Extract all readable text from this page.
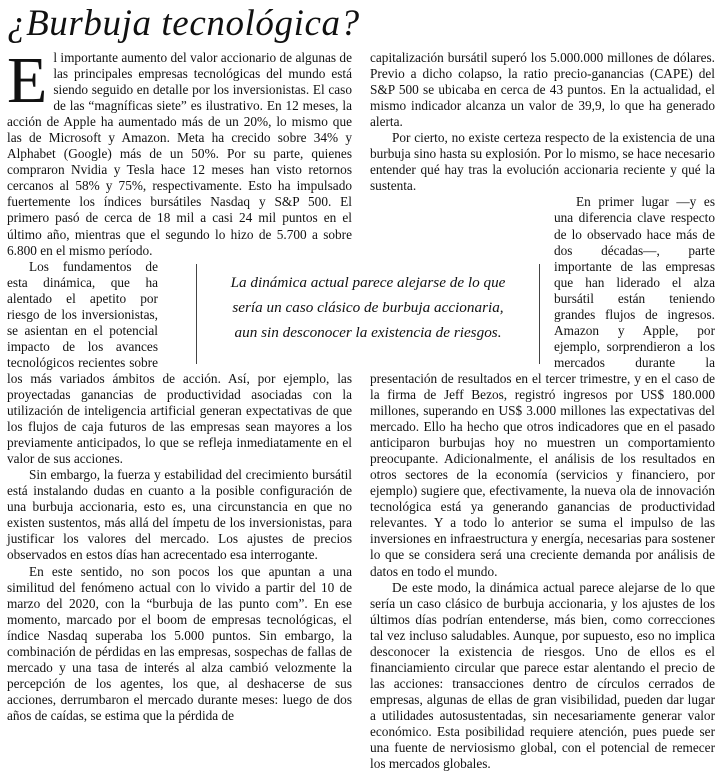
¿Burbuja tecnológica?

El importante aumento del valor accionario de algunas de las principales empresas tecnológicas del mundo está siendo seguido en detalle por los inversionistas. El caso de las “magníficas siete” es ilustrativo. En 12 meses, la acción de Apple ha aumentado más de un 20%, lo mismo que las de Microsoft y Amazon. Meta ha crecido sobre 34% y Alphabet (Google) más de un 50%. Por su parte, quienes compraron Nvidia y Tesla hace 12 meses han visto retornos cercanos al 58% y 75%, respectivamente. Esto ha impulsado fuertemente los índices bursátiles Nasdaq y S&P 500. El primero pasó de cerca de 18 mil a casi 24 mil puntos en el último año, mientras que el segundo lo hizo de 5.700 a sobre 6.800 en el mismo período.

Los fundamentos de esta dinámica, que ha alentado el apetito por riesgo de los inversionistas, se asientan en el potencial impacto de los avances tecnológicos recientes sobre los más variados ámbitos de acción. Así, por ejemplo, las proyectadas ganancias de productividad asociadas con la utilización de inteligencia artificial generan expectativas de que los flujos de caja futuros de las empresas sean mayores a los previamente anticipados, lo que se refleja inmediatamente en el valor de sus acciones.

Sin embargo, la fuerza y estabilidad del crecimiento bursátil está instalando dudas en cuanto a la posible configuración de una burbuja accionaria, esto es, una circunstancia en que no existen sustentos, más allá del ímpetu de los inversionistas, para justificar los valores del mercado. Los ajustes de precios observados en estos días han acrecentado esa interrogante.

En este sentido, no son pocos los que apuntan a una similitud del fenómeno actual con lo vivido a partir del 10 de marzo del 2020, con la “burbuja de las punto com”. En ese momento, marcado por el boom de empresas tecnológicas, el índice Nasdaq superaba los 5.000 puntos. Sin embargo, la combinación de pérdidas en las empresas, sospechas de fallas de mercado y una tasa de interés al alza cambió velozmente la percepción de los agentes, los que, al deshacerse de sus acciones, derrumbaron el mercado durante meses: luego de dos años de caídas, se estima que la pérdida de

capitalización bursátil superó los 5.000.000 millones de dólares. Previo a dicho colapso, la ratio precio-ganancias (CAPE) del S&P 500 se ubicaba en cerca de 43 puntos. En la actualidad, el mismo indicador alcanza un valor de 39,9, lo que ha generado alerta.

Por cierto, no existe certeza respecto de la existencia de una burbuja sino hasta su explosión. Por lo mismo, se hace necesario entender qué hay tras la evolución accionaria reciente y qué la sustenta.

En primer lugar —y es una diferencia clave respecto de lo observado hace más de dos décadas—, parte importante de las empresas que han liderado el alza bursátil están teniendo grandes flujos de ingresos. Amazon y Apple, por ejemplo, sorprendieron a los mercados durante la presentación de resultados en el tercer trimestre, y en el caso de la firma de Jeff Bezos, registró ingresos por US$ 180.000 millones, superando en US$ 3.000 millones las expectativas del mercado. Ello ha hecho que otros indicadores que en el pasado anticiparon burbujas hoy no muestren un comportamiento preocupante. Adicionalmente, el análisis de los resultados en otros sectores de la economía (servicios y financiero, por ejemplo) sugiere que, efectivamente, la nueva ola de innovación tecnológica está ya generando ganancias de productividad relevantes. Y a todo lo anterior se suma el impulso de las inversiones en infraestructura y energía, necesarias para sostener lo que se considera será una creciente demanda por análisis de datos en todo el mundo.

De este modo, la dinámica actual parece alejarse de lo que sería un caso clásico de burbuja accionaria, y los ajustes de los últimos días podrían entenderse, más bien, como correcciones tal vez incluso saludables. Aunque, por supuesto, eso no implica desconocer la existencia de riesgos. Uno de ellos es el financiamiento circular que parece estar alentando el precio de las acciones: transacciones dentro de círculos cerrados de empresas, algunas de ellas de gran visibilidad, pueden dar lugar a utilidades autosustentadas, sin necesariamente generar valor económico. Esta posibilidad requiere atención, pues puede ser una fuente de nerviosismo global, con el potencial de remecer los mercados globales.

La dinámica actual parece alejarse de lo que
sería un caso clásico de burbuja accionaria,
aun sin desconocer la existencia de riesgos.
